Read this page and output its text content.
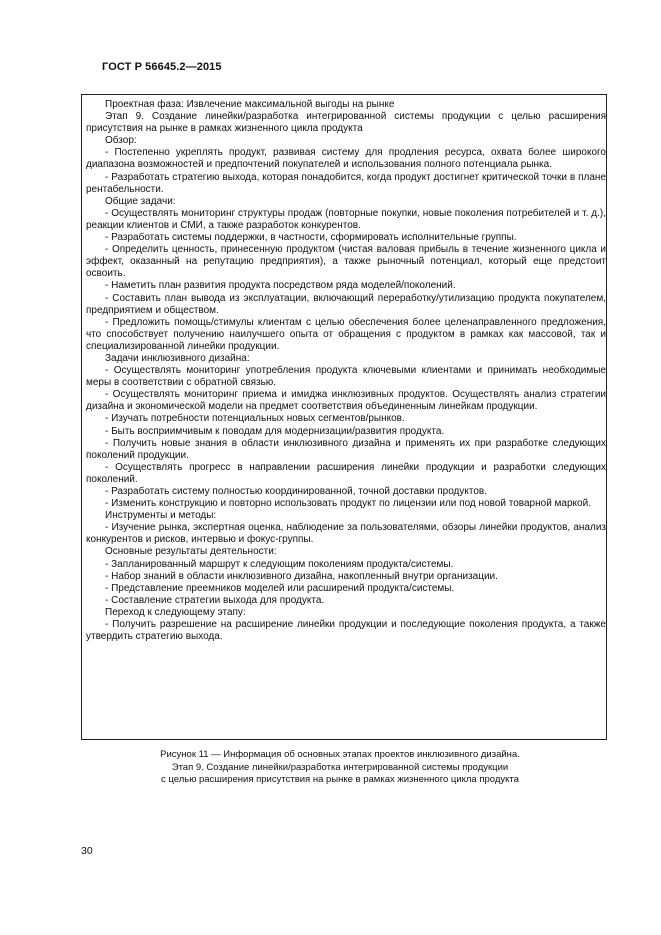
ГОСТ Р 56645.2—2015

Проектная фаза: Извлечение максимальной выгоды на рынке

Этап 9. Создание линейки/разработка интегрированной системы продукции с целью расширения присутствия на рынке в рамках жизненного цикла продукта

Обзор:

- Постепенно укреплять продукт, развивая систему для продления ресурса, охвата более широкого диапазона возможностей и предпочтений покупателей и использования полного потенциала рынка.

- Разработать стратегию выхода, которая понадобится, когда продукт достигнет критической точки в плане рентабельности.

Общие задачи:

- Осуществлять мониторинг структуры продаж (повторные покупки, новые поколения потребителей и т. д.), реакции клиентов и СМИ, а также разработок конкурентов.

- Разработать системы поддержки, в частности, сформировать исполнительные группы.

- Определить ценность, принесенную продуктом (чистая валовая прибыль в течение жизненного цикла и эффект, оказанный на репутацию предприятия), а также рыночный потенциал, который еще предстоит освоить.

- Наметить план развития продукта посредством ряда моделей/поколений.

- Составить план вывода из эксплуатации, включающий переработку/утилизацию продукта покупателем, предприятием и обществом.

- Предложить помощь/стимулы клиентам с целью обеспечения более целенаправленного предложения, что способствует получению наилучшего опыта от обращения с продуктом в рамках как массовой, так и специализированной линейки продукции.

Задачи инклюзивного дизайна:

- Осуществлять мониторинг употребления продукта ключевыми клиентами и принимать необходимые меры в соответствии с обратной связью.

- Осуществлять мониторинг приема и имиджа инклюзивных продуктов. Осуществлять анализ стратегии дизайна и экономической модели на предмет соответствия объединенным линейкам продукции.

- Изучать потребности потенциальных новых сегментов/рынков.

- Быть восприимчивым к поводам для модернизации/развития продукта.

- Получить новые знания в области инклюзивного дизайна и применять их при разработке следующих поколений продукции.

- Осуществлять прогресс в направлении расширения линейки продукции и разработки следующих поколений.

- Разработать систему полностью координированной, точной доставки продуктов.

- Изменить конструкцию и повторно использовать продукт по лицензии или под новой товарной маркой.

Инструменты и методы:

- Изучение рынка, экспертная оценка, наблюдение за пользователями, обзоры линейки продуктов, анализ конкурентов и рисков, интервью и фокус-группы.

Основные результаты деятельности:

- Запланированный маршрут к следующим поколениям продукта/системы.

- Набор знаний в области инклюзивного дизайна, накопленный внутри организации.

- Представление преемников моделей или расширений продукта/системы.

- Составление стратегии выхода для продукта.

Переход к следующему этапу:

- Получить разрешение на расширение линейки продукции и последующие поколения продукта, а также утвердить стратегию выхода.

Рисунок 11 — Информация об основных этапах проектов инклюзивного дизайна.
Этап 9. Создание линейки/разработка интегрированной системы продукции
с целью расширения присутствия на рынке в рамках жизненного цикла продукта
30
